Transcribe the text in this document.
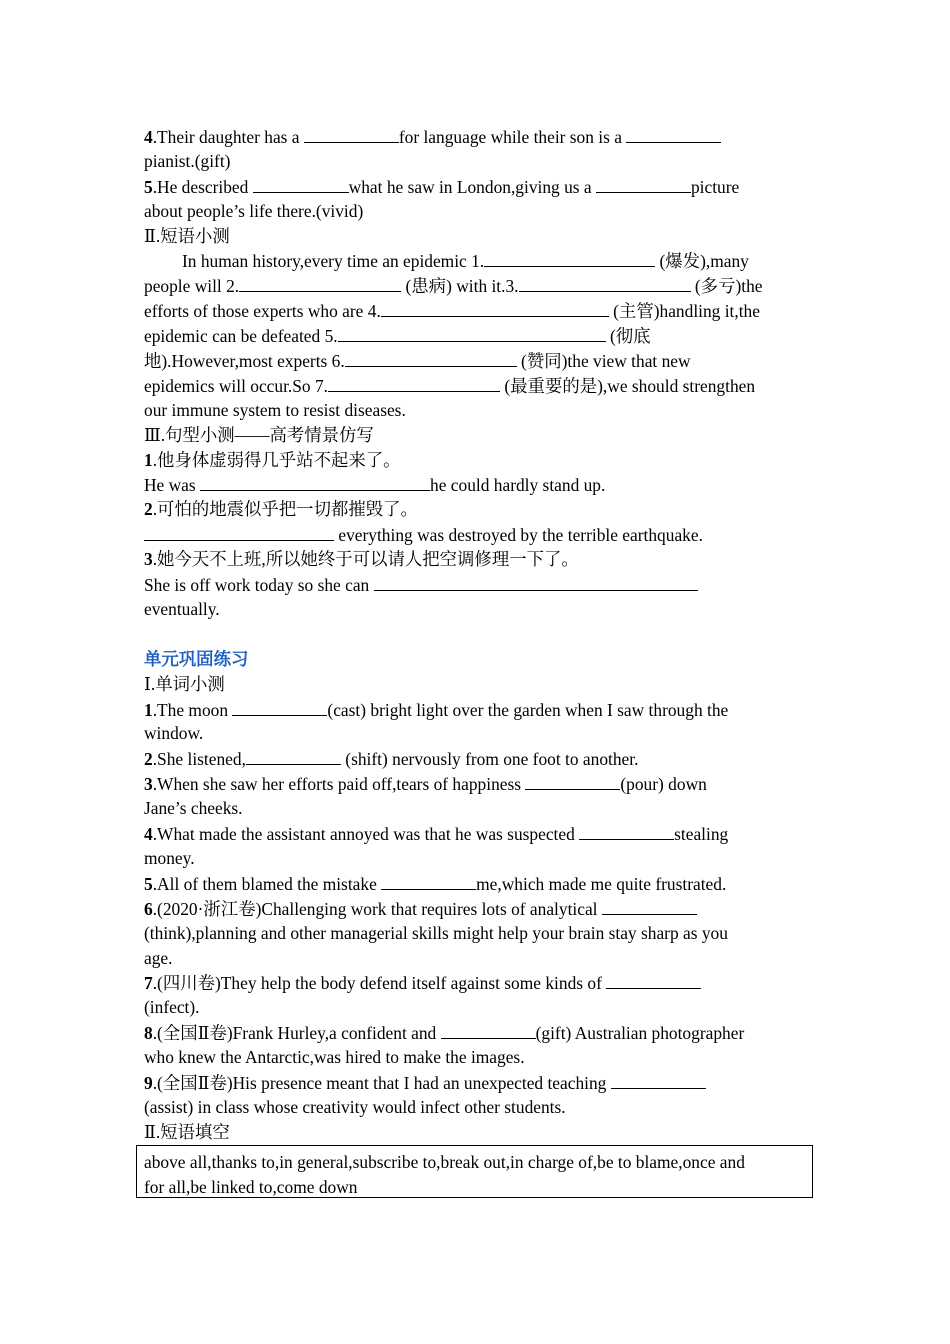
4.Their daughter has a	for language while their son is a
pianist.(gift)
5.He described	what he saw in London,giving us a	picture
about people’s life there.(vivid)
Ⅱ.短语小测
In human history,every time an epidemic 1.	(爆发),many
people will 2.	(患病) with it.3.	(多亏)the
efforts of those experts who are 4.	(主管)handling it,the
epidemic can be defeated 5.	(彻底
地).However,most experts 6.	(赞同)the view that new
epidemics will occur.So 7.	(最重要的是),we should strengthen
our immune system to resist diseases.
Ⅲ.句型小测——高考情景仿写
1.他身体虚弱得几乎站不起来了。
He was	he could hardly stand up.
2.可怕的地震似乎把一切都摧毁了。
everything was destroyed by the terrible earthquake.
3.她今天不上班,所以她终于可以请人把空调修理一下了。
She is off work today so she can
eventually.
单元巩固练习
Ⅰ.单词小测
1.The moon	(cast) bright light over the garden when I saw through the
window.
2.She listened,	(shift) nervously from one foot to another.
3.When she saw her efforts paid off,tears of happiness	(pour) down
Jane’s cheeks.
4.What made the assistant annoyed was that he was suspected	stealing
money.
5.All of them blamed the mistake	me,which made me quite frustrated.
6.(2020·浙江卷)Challenging work that requires lots of analytical
(think),planning and other managerial skills might help your brain stay sharp as you
age.
7.(四川卷)They help the body defend itself against some kinds of
(infect).
8.(全国Ⅱ卷)Frank Hurley,a confident and	(gift) Australian photographer
who knew the Antarctic,was hired to make the images.
9.(全国Ⅱ卷)His presence meant that I had an unexpected teaching
(assist) in class whose creativity would infect other students.
Ⅱ.短语填空
above all,thanks to,in general,subscribe to,break out,in charge of,be to blame,once and
for all,be linked to,come down
